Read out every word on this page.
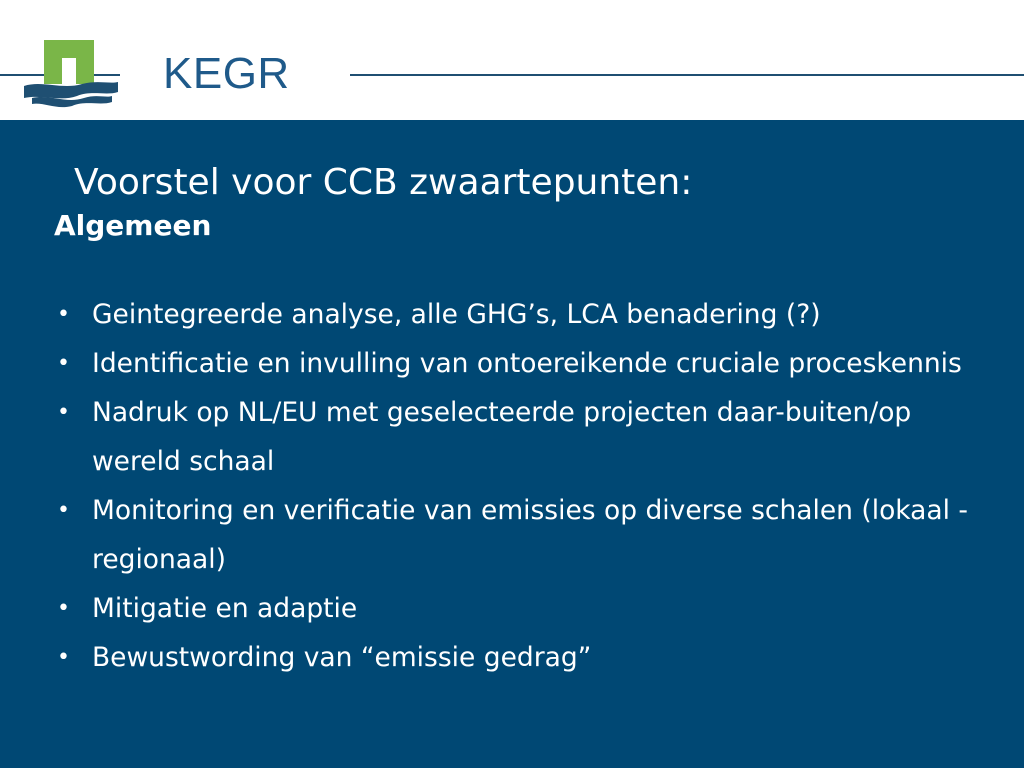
KEGR
Voorstel voor CCB zwaartepunten:
Algemeen
• Geintegreerde analyse, alle GHG’s, LCA benadering (?)
• Identificatie en invulling van ontoereikende cruciale proceskennis
• Nadruk op NL/EU met geselecteerde projecten daar-buiten/op wereld schaal
• Monitoring en verificatie van emissies op diverse schalen (lokaal - regionaal)
• Mitigatie en adaptie
• Bewustwording van “emissie gedrag”
